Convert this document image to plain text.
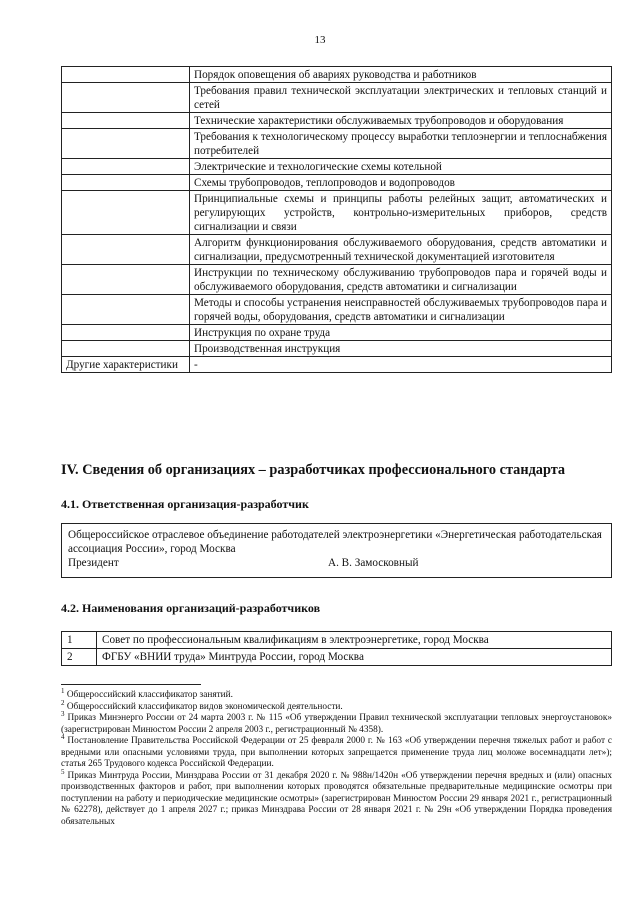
13
	Порядок оповещения об авариях руководства и работников
	Требования правил технической эксплуатации электрических и тепловых станций и сетей
	Технические характеристики обслуживаемых трубопроводов и оборудования
	Требования к технологическому процессу выработки теплоэнергии и теплоснабжения потребителей
	Электрические и технологические схемы котельной
	Схемы трубопроводов, теплопроводов и водопроводов
	Принципиальные схемы и принципы работы релейных защит, автоматических и регулирующих устройств, контрольно-измерительных приборов, средств сигнализации и связи
	Алгоритм функционирования обслуживаемого оборудования, средств автоматики и сигнализации, предусмотренный технической документацией изготовителя
	Инструкции по техническому обслуживанию трубопроводов пара и горячей воды и обслуживаемого оборудования, средств автоматики и сигнализации
	Методы и способы устранения неисправностей обслуживаемых трубопроводов пара и горячей воды, оборудования, средств автоматики и сигнализации
	Инструкция по охране труда
	Производственная инструкция
Другие характеристики	-
IV. Сведения об организациях – разработчиках профессионального стандарта
4.1. Ответственная организация-разработчик
Общероссийское отраслевое объединение работодателей электроэнергетики «Энергетическая работодательская ассоциация России», город Москва
Президент	А. В. Замосковный
4.2. Наименования организаций-разработчиков
1	Совет по профессиональным квалификациям в электроэнергетике, город Москва
2	ФГБУ «ВНИИ труда» Минтруда России, город Москва

$^1$ Общероссийский классификатор занятий.

$^2$ Общероссийский классификатор видов экономической деятельности.

$^3$ Приказ Минэнерго России от 24 марта 2003 г. № 115 «Об утверждении Правил технической эксплуатации тепловых энергоустановок» (зарегистрирован Минюстом России 2 апреля 2003 г., регистрационный № 4358).

$^4$ Постановление Правительства Российской Федерации от 25 февраля 2000 г. № 163 «Об утверждении перечня тяжелых работ и работ с вредными или опасными условиями труда, при выполнении которых запрещается применение труда лиц моложе восемнадцати лет»); статья 265 Трудового кодекса Российской Федерации.

$^5$ Приказ Минтруда России, Минздрава России от 31 декабря 2020 г. № 988н/1420н «Об утверждении перечня вредных и (или) опасных производственных факторов и работ, при выполнении которых проводятся обязательные предварительные медицинские осмотры при поступлении на работу и периодические медицинские осмотры» (зарегистрирован Минюстом России 29 января 2021 г., регистрационный № 62278), действует до 1 апреля 2027 г.; приказ Минздрава России от 28 января 2021 г. № 29н «Об утверждении Порядка проведения обязательных
